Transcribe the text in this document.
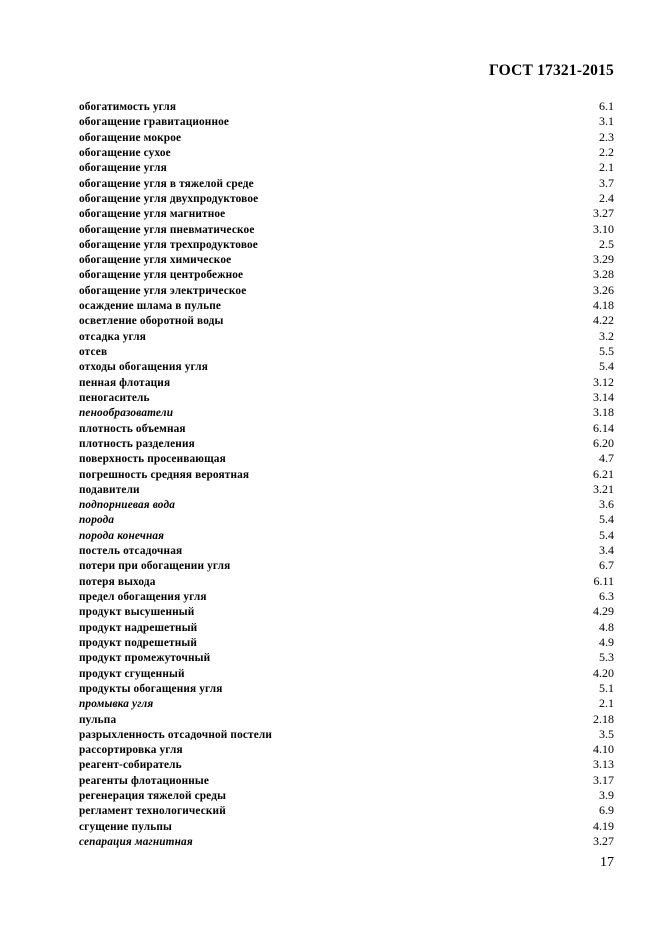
ГОСТ 17321-2015
обогатимость угля	6.1
обогащение гравитационное	3.1
обогащение мокрое	2.3
обогащение сухое	2.2
обогащение угля	2.1
обогащение угля в тяжелой среде	3.7
обогащение угля двухпродуктовое	2.4
обогащение угля магнитное	3.27
обогащение угля пневматическое	3.10
обогащение угля трехпродуктовое	2.5
обогащение угля химическое	3.29
обогащение угля центробежное	3.28
обогащение угля электрическое	3.26
осаждение шлама в пульпе	4.18
осветление оборотной воды	4.22
отсадка угля	3.2
отсев	5.5
отходы обогащения угля	5.4
пенная флотация	3.12
пеногаситель	3.14
пенообразователи	3.18
плотность объемная	6.14
плотность разделения	6.20
поверхность просеивающая	4.7
погрешность средняя вероятная	6.21
подавители	3.21
подпорниевая вода	3.6
порода	5.4
порода конечная	5.4
постель отсадочная	3.4
потери при обогащении угля	6.7
потеря выхода	6.11
предел обогащения угля	6.3
продукт высушенный	4.29
продукт надрешетный	4.8
продукт подрешетный	4.9
продукт промежуточный	5.3
продукт сгущенный	4.20
продукты обогащения угля	5.1
промывка угля	2.1
пульпа	2.18
разрыхленность отсадочной постели	3.5
рассортировка угля	4.10
реагент-собиратель	3.13
реагенты флотационные	3.17
регенерация тяжелой среды	3.9
регламент технологический	6.9
сгущение пульпы	4.19
сепарация магнитная	3.27
17
